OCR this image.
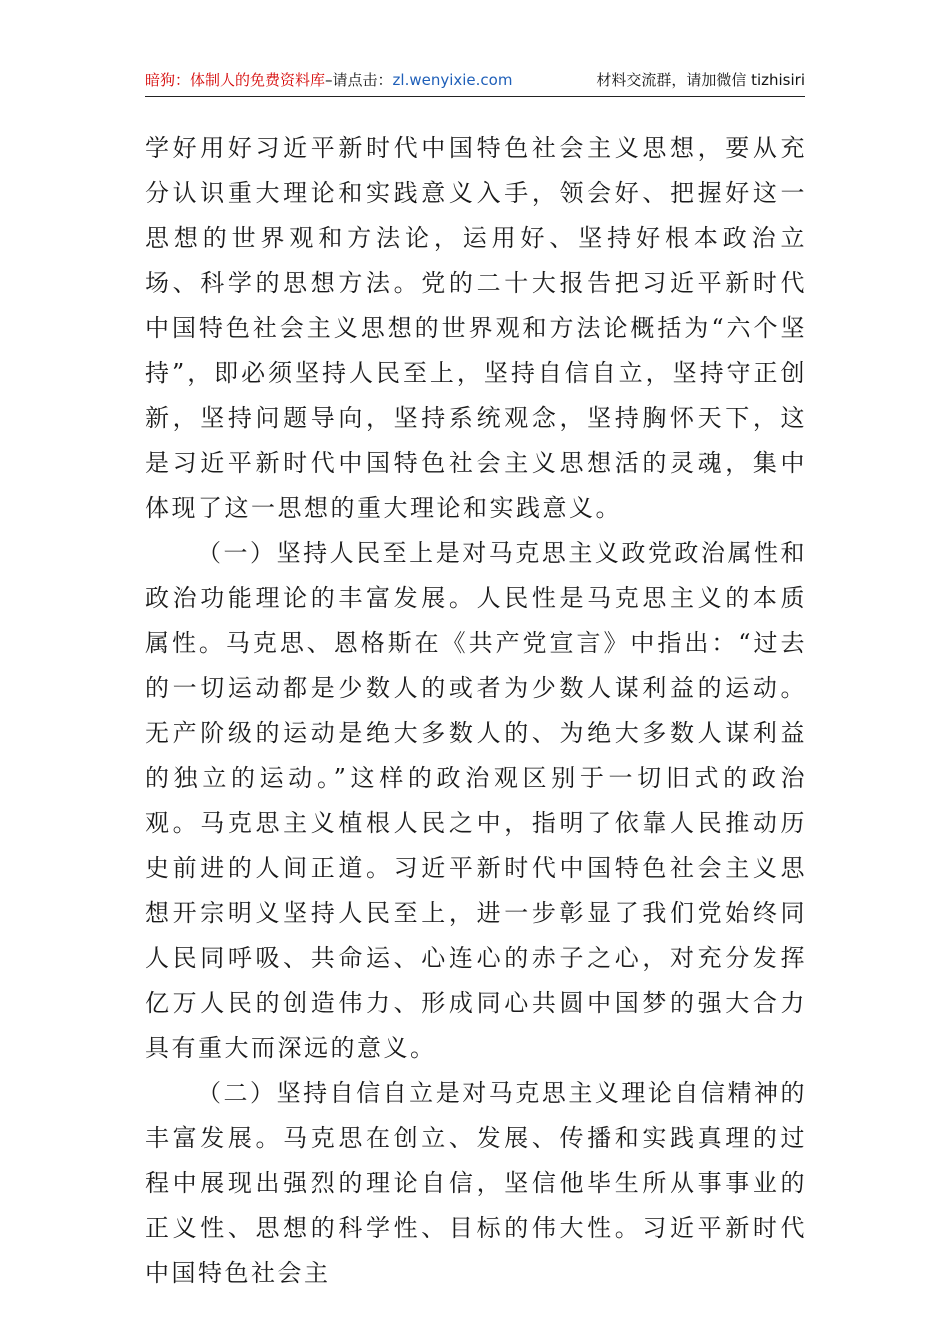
暗狗：体制人的免费资料库–请点击：zl.wenyixie.com	材料交流群，请加微信 tizhisiri

学好用好习近平新时代中国特色社会主义思想，要从充分认识重大理论和实践意义入手，领会好、把握好这一思想的世界观和方法论，运用好、坚持好根本政治立场、科学的思想方法。党的二十大报告把习近平新时代中国特色社会主义思想的世界观和方法论概括为“六个坚持”，即必须坚持人民至上，坚持自信自立，坚持守正创新，坚持问题导向，坚持系统观念，坚持胸怀天下，这是习近平新时代中国特色社会主义思想活的灵魂，集中体现了这一思想的重大理论和实践意义。

（一）坚持人民至上是对马克思主义政党政治属性和政治功能理论的丰富发展。人民性是马克思主义的本质属性。马克思、恩格斯在《共产党宣言》中指出：“过去的一切运动都是少数人的或者为少数人谋利益的运动。无产阶级的运动是绝大多数人的、为绝大多数人谋利益的独立的运动。”这样的政治观区别于一切旧式的政治观。马克思主义植根人民之中，指明了依靠人民推动历史前进的人间正道。习近平新时代中国特色社会主义思想开宗明义坚持人民至上，进一步彰显了我们党始终同人民同呼吸、共命运、心连心的赤子之心，对充分发挥亿万人民的创造伟力、形成同心共圆中国梦的强大合力具有重大而深远的意义。

（二）坚持自信自立是对马克思主义理论自信精神的丰富发展。马克思在创立、发展、传播和实践真理的过程中展现出强烈的理论自信，坚信他毕生所从事事业的正义性、思想的科学性、目标的伟大性。习近平新时代中国特色社会主
